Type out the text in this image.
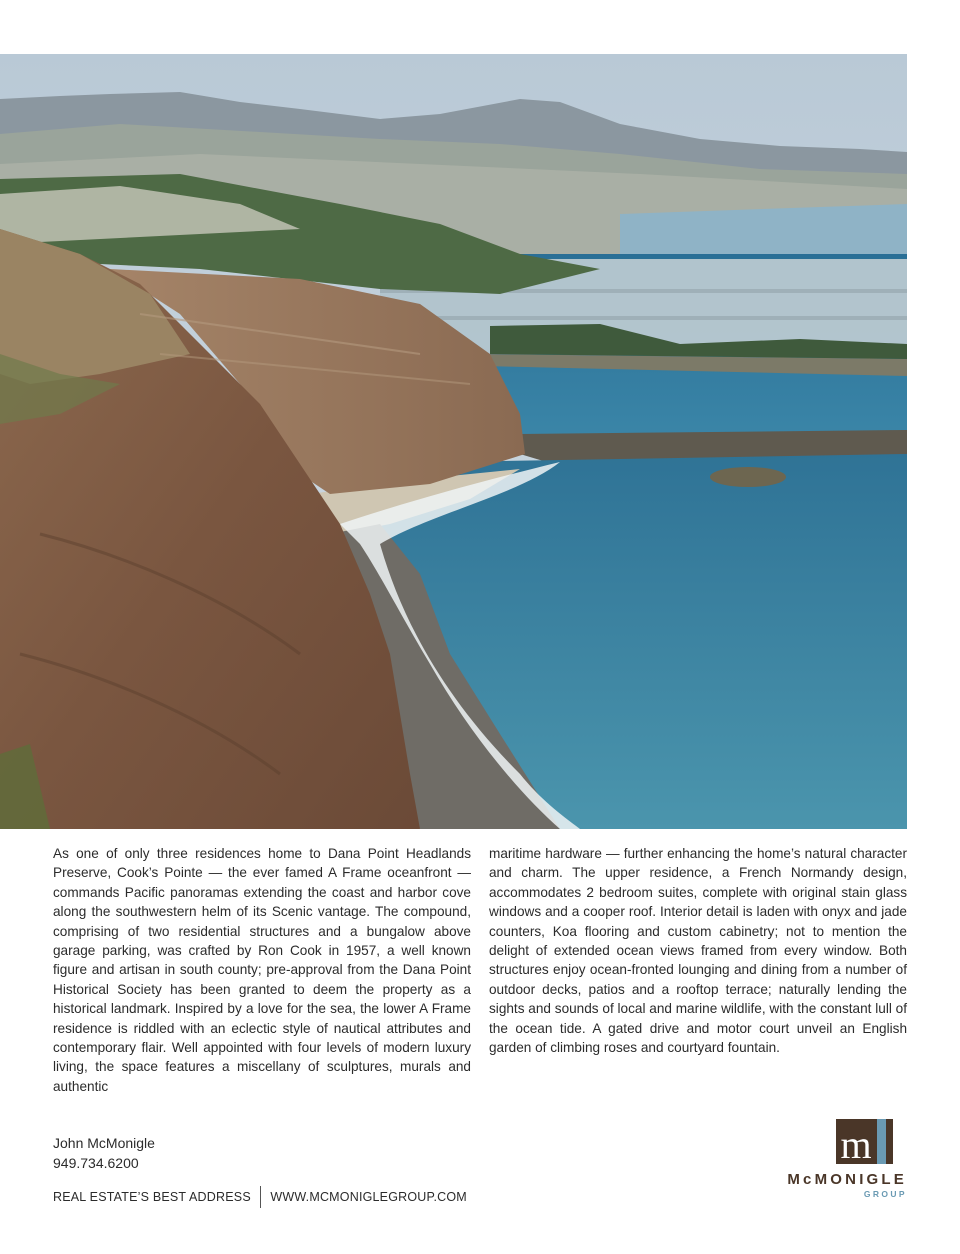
As one of only three residences home to Dana Point Headlands Preserve, Cook’s Pointe — the ever famed A Frame oceanfront — commands Pacific panoramas extending the coast and harbor cove along the southwestern helm of its Scenic vantage. The compound, comprising of two residential structures and a bungalow above garage parking, was crafted by Ron Cook in 1957, a well known figure and artisan in south county; pre-approval from the Dana Point Historical Society has been granted to deem the property as a historical landmark. Inspired by a love for the sea, the lower A Frame residence is riddled with an eclectic style of nautical attributes and contemporary flair. Well appointed with four levels of modern luxury living, the space features a miscellany of sculptures, murals and authentic
maritime hardware — further enhancing the home’s natural character and charm. The upper residence, a French Normandy design, accommodates 2 bedroom suites, complete with original stain glass windows and a cooper roof. Interior detail is laden with onyx and jade counters, Koa flooring and custom cabinetry; not to mention the delight of extended ocean views framed from every window. Both structures enjoy ocean-fronted lounging and dining from a number of outdoor decks, patios and a rooftop terrace; naturally lending the sights and sounds of local and marine wildlife, with the constant lull of the ocean tide. A gated drive and motor court unveil an English garden of climbing roses and courtyard fountain.
John McMonigle
949.734.6200
REAL ESTATE’S BEST ADDRESS WWW.MCMONIGLEGROUP.COM
m
McMONIGLE
GROUP
